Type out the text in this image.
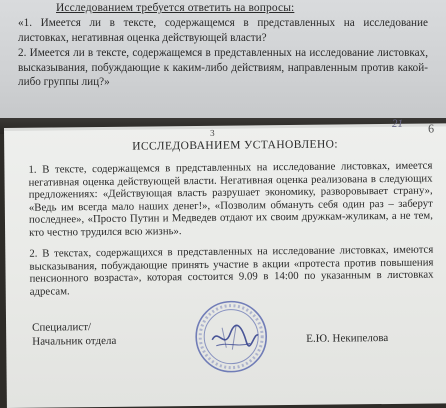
Исследованием требуется ответить на вопросы:
«1. Имеется ли в тексте, содержащемся в представленных на исследование листовках, негативная оценка действующей власти?
2. Имеется ли в тексте, содержащемся в представленных на исследование листовках, высказывания, побуждающие к каким-либо действиям, направленным против какой-либо группы лиц?»
3
21 6
ИССЛЕДОВАНИЕМ УСТАНОВЛЕНО:
1. В тексте, содержащемся в представленных на исследование листовках, имеется негативная оценка действующей власти. Негативная оценка реализована в следующих предложениях: «Действующая власть разрушает экономику, разворовывает страну», «Ведь им всегда мало наших денег!», «Позволим обмануть себя один раз – заберут последнее», «Просто Путин и Медведев отдают их своим дружкам-жуликам, а не тем, кто честно трудился всю жизнь».
2. В текстах, содержащихся в представленных на исследование листовках, имеются высказывания, побуждающие принять участие в акции «протеста против повышения пенсионного возраста», которая состоится 9.09 в 14:00 по указанным в листовках адресам.
Специалист/
Начальник отдела	Е.Ю. Некипелова
